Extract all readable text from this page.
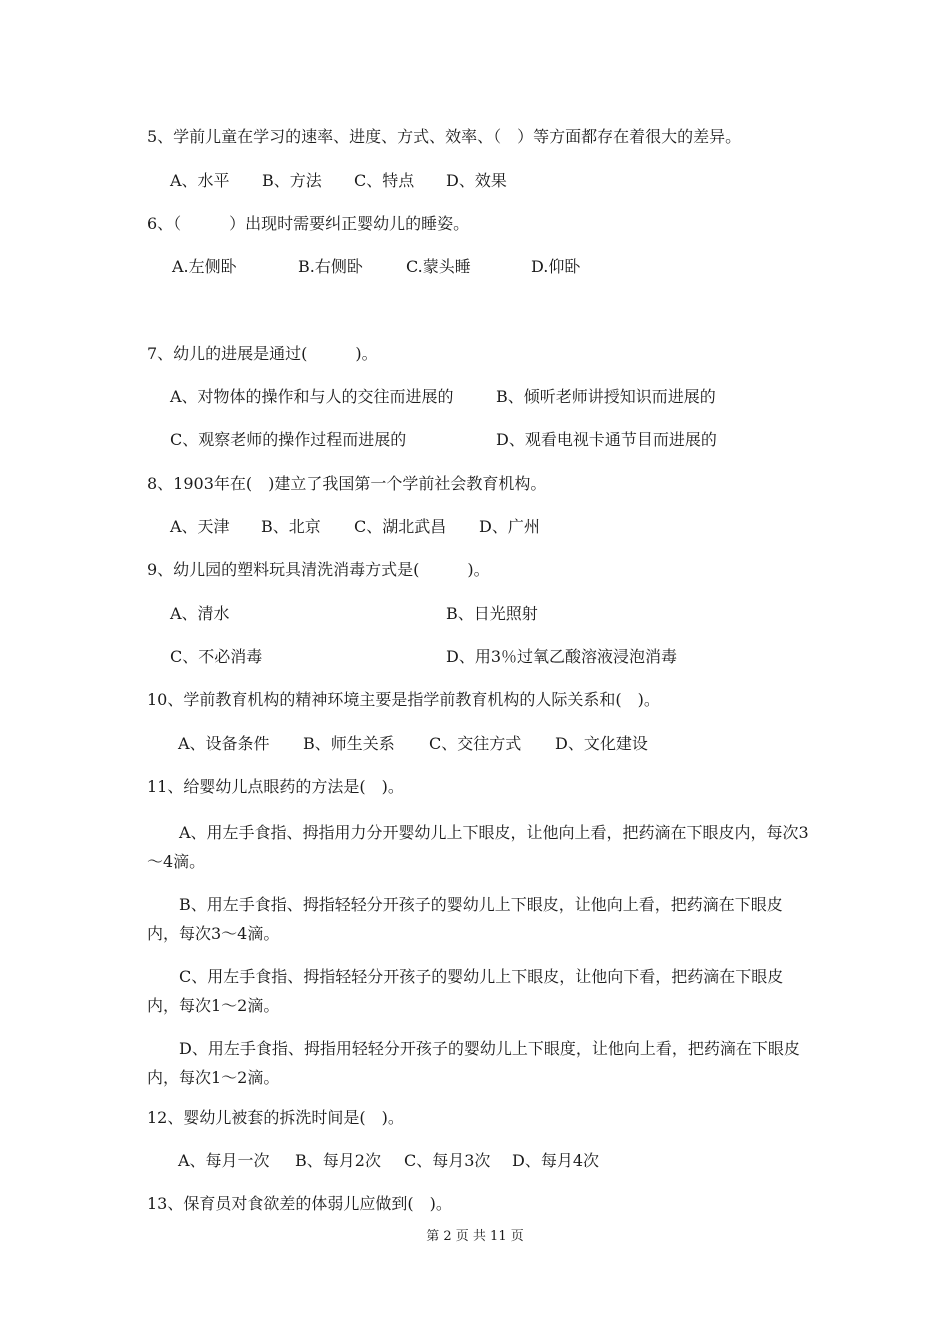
5、学前儿童在学习的速率、进度、方式、效率、（　）等方面都存在着很大的差异。
A、水平 B、方法 C、特点 D、效果
6、（　　　）出现时需要纠正婴幼儿的睡姿。
A.左侧卧	B.右侧卧	C.蒙头睡	D.仰卧
7、幼儿的进展是通过(　　　)。
A、对物体的操作和与人的交往而进展的	B、倾听老师讲授知识而进展的
C、观察老师的操作过程而进展的	D、观看电视卡通节目而进展的
8、1903年在(　)建立了我国第一个学前社会教育机构。
A、天津 B、北京 C、湖北武昌 D、广州
9、幼儿园的塑料玩具清洗消毒方式是(　　　)。
A、清水	B、日光照射
C、不必消毒	D、用3％过氧乙酸溶液浸泡消毒
10、学前教育机构的精神环境主要是指学前教育机构的人际关系和(　)。
A、设备条件 B、师生关系 C、交往方式 D、文化建设
11、给婴幼儿点眼药的方法是(　)。
A、用左手食指、拇指用力分开婴幼儿上下眼皮，让他向上看，把药滴在下眼皮内，每次3～4滴。
B、用左手食指、拇指轻轻分开孩子的婴幼儿上下眼皮，让他向上看，把药滴在下眼皮内，每次3～4滴。
C、用左手食指、拇指轻轻分开孩子的婴幼儿上下眼皮，让他向下看，把药滴在下眼皮内，每次1～2滴。
D、用左手食指、拇指用轻轻分开孩子的婴幼儿上下眼度，让他向上看，把药滴在下眼皮内，每次1～2滴。
12、婴幼儿被套的拆洗时间是(　)。
A、每月一次 B、每月2次 C、每月3次 D、每月4次
13、保育员对食欲差的体弱儿应做到(　)。
第 2 页 共 11 页
